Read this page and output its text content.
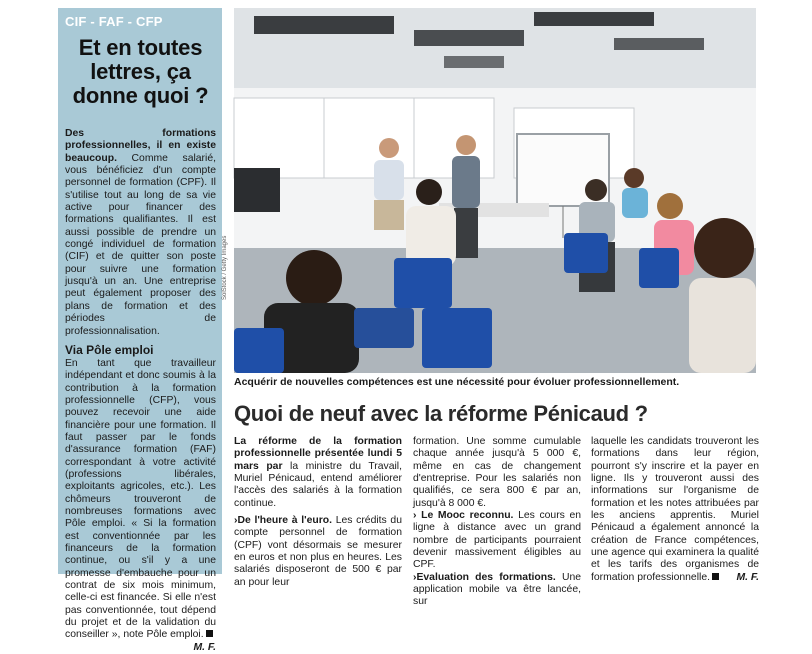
CIF - FAF - CFP
Et en toutes lettres, ça donne quoi ?

Des formations professionnelles, il en existe beaucoup. Comme salarié, vous bénéficiez d'un compte personnel de formation (CPF). Il s'utilise tout au long de sa vie active pour financer des formations qualifiantes. Il est aussi possible de prendre un congé individuel de formation (CIF) et de quitter son poste pour suivre une formation jusqu'à un an. Une entreprise peut également proposer des plans de formation et des périodes de professionnalisation.

Via Pôle emploi

En tant que travailleur indépendant et donc soumis à la contribution à la formation professionnelle (CFP), vous pouvez recevoir une aide financière pour une formation. Il faut passer par le fonds d'assurance formation (FAF) correspondant à votre activité (professions libérales, exploitants agricoles, etc.). Les chômeurs trouveront de nombreuses formations avec Pôle emploi. « Si la formation est conventionnée par les financeurs de la formation continue, ou s'il y a une promesse d'embauche pour un contrat de six mois minimum, celle-ci est financée. Si elle n'est pas conventionnée, tout dépend du projet et de la validation du conseiller », note Pôle emploi.
M. F.

SolStock / Getty Images
Acquérir de nouvelles compétences est une nécessité pour évoluer professionnellement.
Quoi de neuf avec la réforme Pénicaud ?
La réforme de la formation professionnelle présentée lundi 5 mars par la ministre du Travail, Muriel Pénicaud, entend améliorer l'accès des salariés à la formation continue.
›De l'heure à l'euro. Les crédits du compte personnel de formation (CPF) vont désormais se mesurer en euros et non plus en heures. Les salariés disposeront de 500 € par an pour leur
formation. Une somme cumulable chaque année jusqu'à 5 000 €, même en cas de changement d'entreprise. Pour les salariés non qualifiés, ce sera 800 € par an, jusqu'à 8 000 €.
› Le Mooc reconnu. Les cours en ligne à distance avec un grand nombre de participants pourraient devenir massivement éligibles au CPF.
›Evaluation des formations. Une application mobile va être lancée, sur
laquelle les candidats trouveront les formations dans leur région, pourront s'y inscrire et la payer en ligne. Ils y trouveront aussi des informations sur l'organisme de formation et les notes attribuées par les anciens apprentis. Muriel Pénicaud a également annoncé la création de France compétences, une agence qui examinera la qualité et les tarifs des organismes de formation professionnelle.	M. F.
